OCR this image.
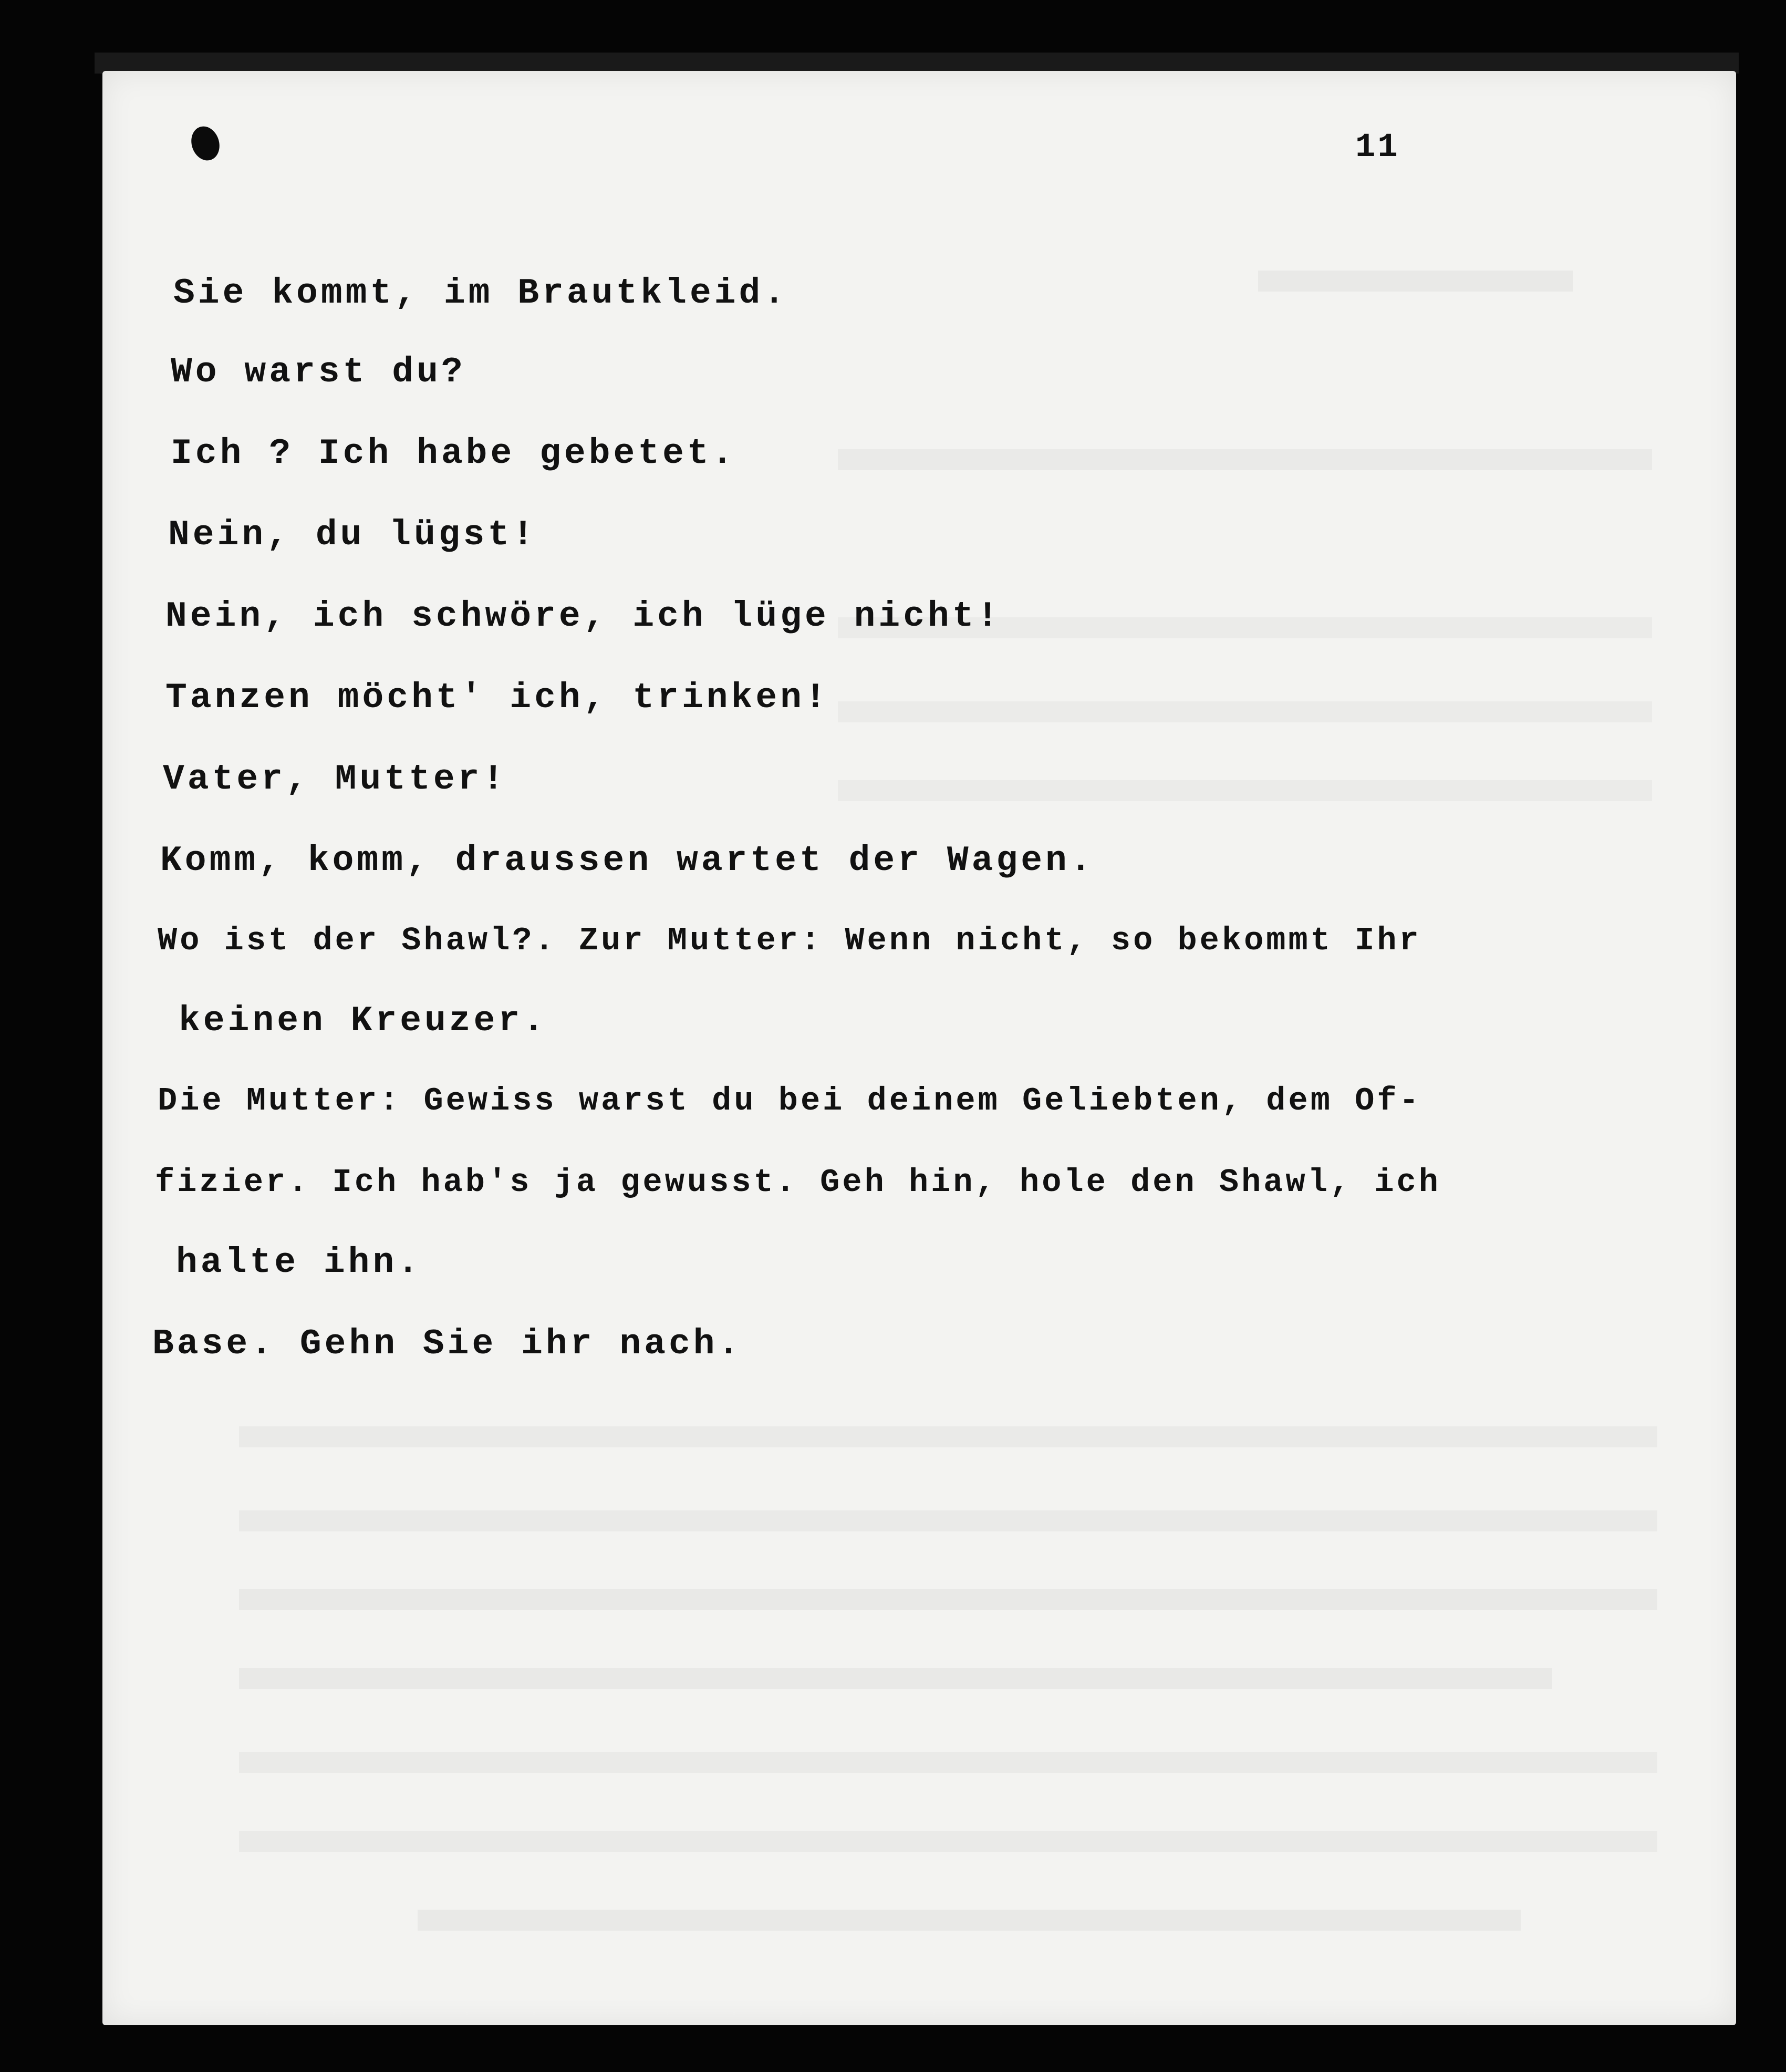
11
Sie kommt, im Brautkleid.
Wo warst du?
Ich ? Ich habe gebetet.
Nein, du lügst!
Nein, ich schwöre, ich lüge nicht!
Tanzen möcht' ich, trinken!
Vater, Mutter!
Komm, komm, draussen wartet der Wagen.
Wo ist der Shawl?. Zur Mutter: Wenn nicht, so bekommt Ihr
keinen Kreuzer.
Die Mutter: Gewiss warst du bei deinem Geliebten, dem Of-
fizier. Ich hab's ja gewusst. Geh hin, hole den Shawl, ich
halte ihn.
Base. Gehn Sie ihr nach.
